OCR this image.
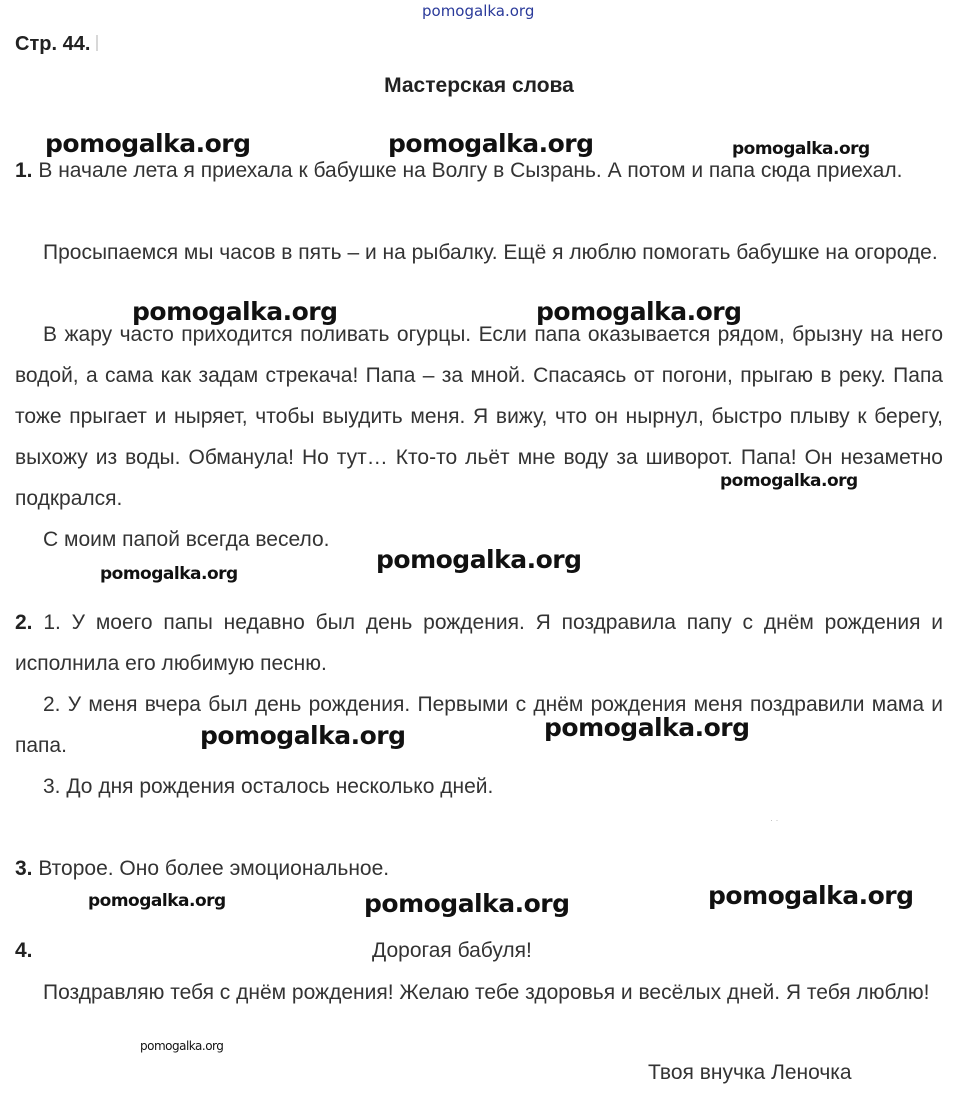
pomogalka.org
pomogalka.org	pomogalka.org	pomogalka.org
pomogalka.org	pomogalka.org
pomogalka.org
pomogalka.org
pomogalka.org
pomogalka.org	pomogalka.org
pomogalka.org	pomogalka.org	pomogalka.org
pomogalka.org
Стр. 44.
Мастерская слова
1. В начале лета я приехала к бабушке на Волгу в Сызрань. А потом и папа сюда приехал.
Просыпаемся мы часов в пять – и на рыбалку. Ещё я люблю помогать бабушке на огороде.
В жару часто приходится поливать огурцы. Если папа оказывается рядом, брызну на него водой, а сама как задам стрекача! Папа – за мной. Спасаясь от погони, прыгаю в реку. Папа тоже прыгает и ныряет, чтобы выудить меня. Я вижу, что он нырнул, быстро плыву к берегу, выхожу из воды. Обманула! Но тут… Кто-то льёт мне воду за шиворот. Папа! Он незаметно подкрался.
С моим папой всегда весело.
2. 1. У моего папы недавно был день рождения. Я поздравила папу с днём рождения и исполнила его любимую песню.
2. У меня вчера был день рождения. Первыми с днём рождения меня поздравили мама и папа.
3. До дня рождения осталось несколько дней.
· ·
3. Второе. Оно более эмоциональное.
4.	Дорогая бабуля!
Поздравляю тебя с днём рождения! Желаю тебе здоровья и весёлых дней. Я тебя люблю!
Твоя внучка Леночка
